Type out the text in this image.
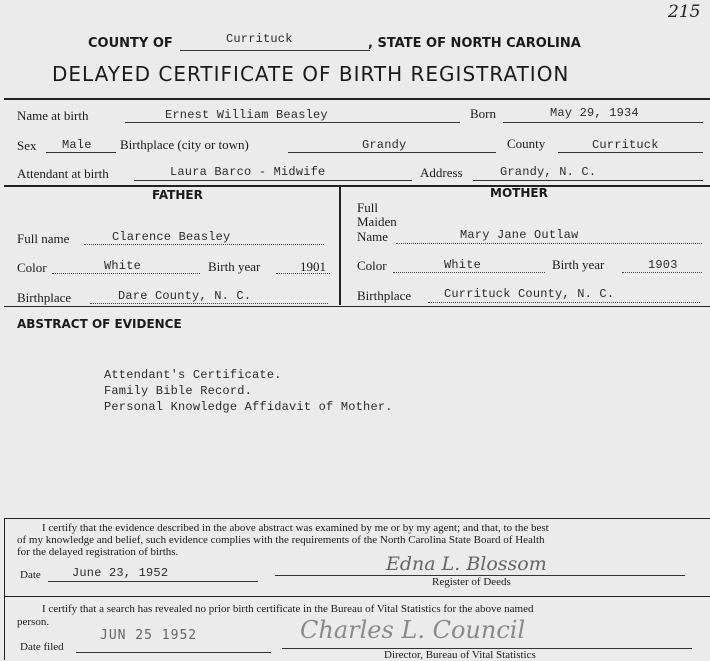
215
COUNTY OF	Currituck	, STATE OF NORTH CAROLINA
DELAYED CERTIFICATE OF BIRTH REGISTRATION
Name at birth	Ernest William Beasley	Born	May 29, 1934
Sex Male Birthplace (city or town)	Grandy	County	Currituck
Attendant at birth	Laura Barco - Midwife	Address	Grandy, N. C.
FATHER
Full name	Clarence Beasley
Color	White	Birth year	1901
Birthplace	Dare County, N. C.
MOTHER
Full
Maiden
Name	Mary Jane Outlaw
Color	White	Birth year	1903
Birthplace	Currituck County, N. C.
ABSTRACT OF EVIDENCE
Attendant's Certificate.
Family Bible Record.
Personal Knowledge Affidavit of Mother.
I certify that the evidence described in the above abstract was examined by me or by my agent; and that, to the best
of my knowledge and belief, such evidence complies with the requirements of the North Carolina State Board of Health
for the delayed registration of births.
Date	June 23, 1952	Edna L. Blossom
Register of Deeds
I certify that a search has revealed no prior birth certificate in the Bureau of Vital Statistics for the above named
person.
Date filed
JUN 25 1952	Charles L. Council
Director, Bureau of Vital Statistics
